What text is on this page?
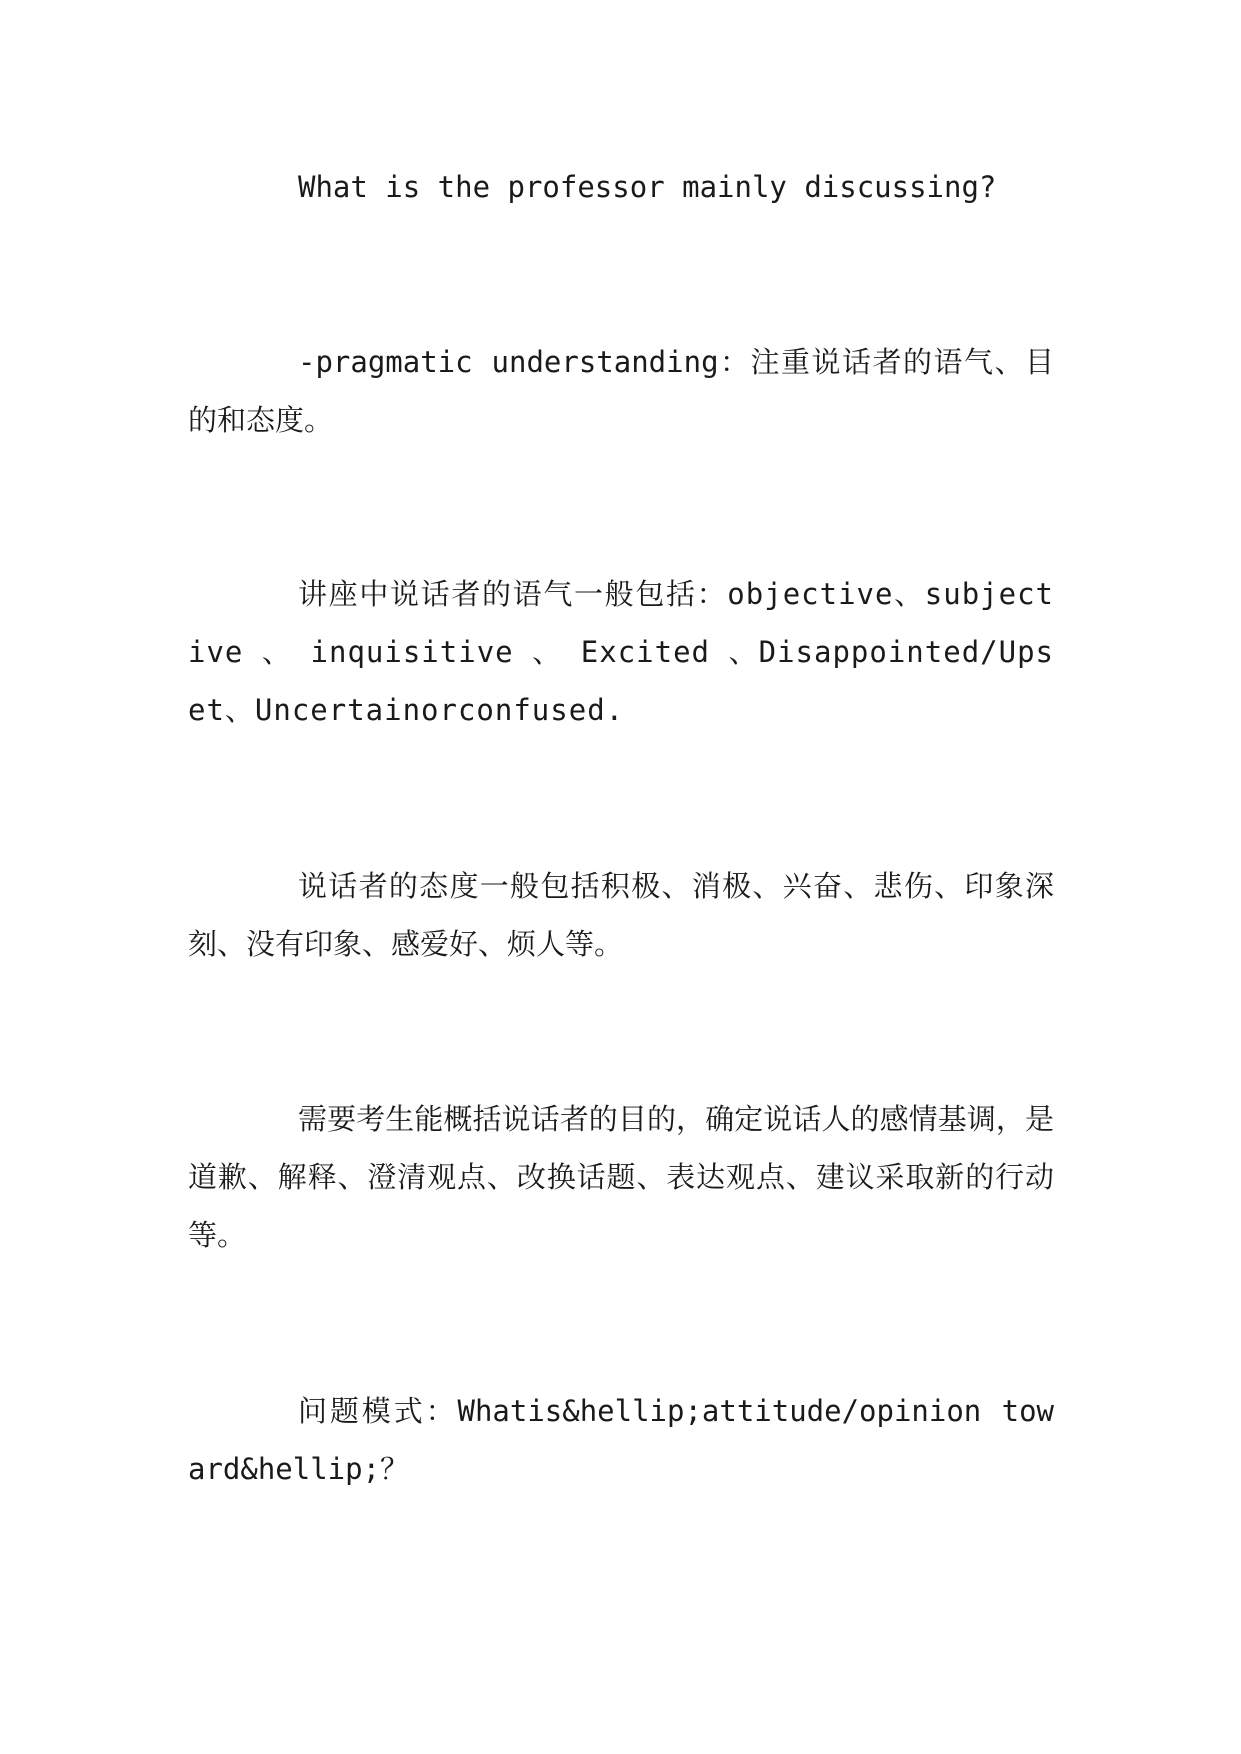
What is the professor mainly discussing?

-pragmatic understanding：注重说话者的语气、目的和态度。

讲座中说话者的语气一般包括：objective、subjective 、 inquisitive 、 Excited 、Disappointed/Upset、Uncertainorconfused.

说话者的态度一般包括积极、消极、兴奋、悲伤、印象深刻、没有印象、感爱好、烦人等。

需要考生能概括说话者的目的，确定说话人的感情基调，是道歉、解释、澄清观点、改换话题、表达观点、建议采取新的行动等。

问题模式：Whatis&hellip;attitude/opinion toward&hellip;？
